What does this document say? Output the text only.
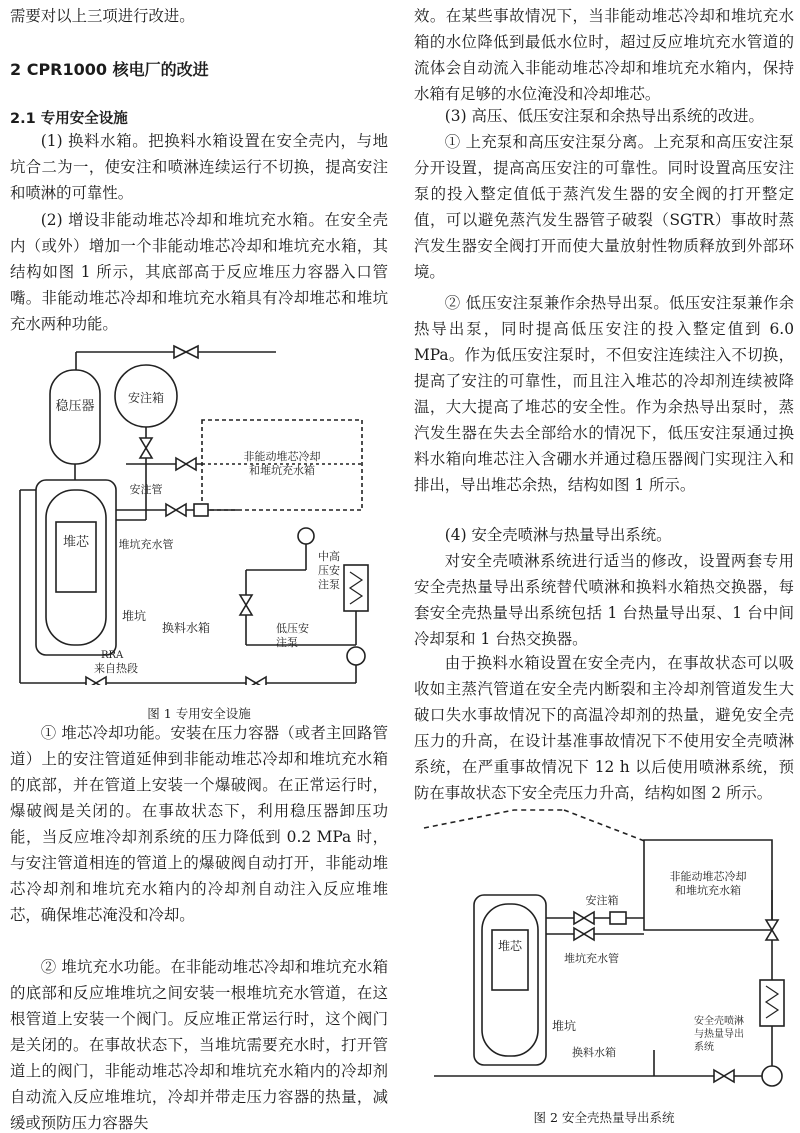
需要对以上三项进行改进。

2 CPR1000 核电厂的改进

2.1 专用安全设施

(1) 换料水箱。把换料水箱设置在安全壳内，与地坑合二为一，使安注和喷淋连续运行不切换，提高安注和喷淋的可靠性。

(2) 增设非能动堆芯冷却和堆坑充水箱。在安全壳内（或外）增加一个非能动堆芯冷却和堆坑充水箱，其结构如图 1 所示，其底部高于反应堆压力容器入口管嘴。非能动堆芯冷却和堆坑充水箱具有冷却堆芯和堆坑充水两种功能。

稳压器
安注箱
非能动堆芯冷却
和堆坑充水箱
安注管
堆芯
堆坑
堆坑充水管
中高压安注泵
换料水箱	低压安注泵
RRA
来自热段

图 1 专用安全设施

① 堆芯冷却功能。安装在压力容器（或者主回路管道）上的安注管道延伸到非能动堆芯冷却和堆坑充水箱的底部，并在管道上安装一个爆破阀。在正常运行时，爆破阀是关闭的。在事故状态下，利用稳压器卸压功能，当反应堆冷却剂系统的压力降低到 0.2 MPa 时，与安注管道相连的管道上的爆破阀自动打开，非能动堆芯冷却剂和堆坑充水箱内的冷却剂自动注入反应堆堆芯，确保堆芯淹没和冷却。

② 堆坑充水功能。在非能动堆芯冷却和堆坑充水箱的底部和反应堆堆坑之间安装一根堆坑充水管道，在这根管道上安装一个阀门。反应堆正常运行时，这个阀门是关闭的。在事故状态下，当堆坑需要充水时，打开管道上的阀门，非能动堆芯冷却和堆坑充水箱内的冷却剂自动流入反应堆堆坑，冷却并带走压力容器的热量，减缓或预防压力容器失

效。在某些事故情况下，当非能动堆芯冷却和堆坑充水箱的水位降低到最低水位时，超过反应堆坑充水管道的流体会自动流入非能动堆芯冷却和堆坑充水箱内，保持水箱有足够的水位淹没和冷却堆芯。

(3) 高压、低压安注泵和余热导出系统的改进。

① 上充泵和高压安注泵分离。上充泵和高压安注泵分开设置，提高高压安注的可靠性。同时设置高压安注泵的投入整定值低于蒸汽发生器的安全阀的打开整定值，可以避免蒸汽发生器管子破裂（SGTR）事故时蒸汽发生器安全阀打开而使大量放射性物质释放到外部环境。

② 低压安注泵兼作余热导出泵。低压安注泵兼作余热导出泵，同时提高低压安注的投入整定值到 6.0 MPa。作为低压安注泵时，不但安注连续注入不切换，提高了安注的可靠性，而且注入堆芯的冷却剂连续被降温，大大提高了堆芯的安全性。作为余热导出泵时，蒸汽发生器在失去全部给水的情况下，低压安注泵通过换料水箱向堆芯注入含硼水并通过稳压器阀门实现注入和排出，导出堆芯余热，结构如图 1 所示。

(4) 安全壳喷淋与热量导出系统。

对安全壳喷淋系统进行适当的修改，设置两套专用安全壳热量导出系统替代喷淋和换料水箱热交换器，每套安全壳热量导出系统包括 1 台热量导出泵、1 台中间冷却泵和 1 台热交换器。

由于换料水箱设置在安全壳内，在事故状态可以吸收如主蒸汽管道在安全壳内断裂和主冷却剂管道发生大破口失水事故情况下的高温冷却剂的热量，避免安全壳压力的升高，在设计基准事故情况下不使用安全壳喷淋系统，在严重事故情况下 12 h 以后使用喷淋系统，预防在事故状态下安全壳压力升高，结构如图 2 所示。

非能动堆芯冷却
和堆坑充水箱
堆芯
堆坑
安注箱
堆坑充水管
安全壳喷淋
与热量导出
系统
换料水箱

图 2 安全壳热量导出系统
